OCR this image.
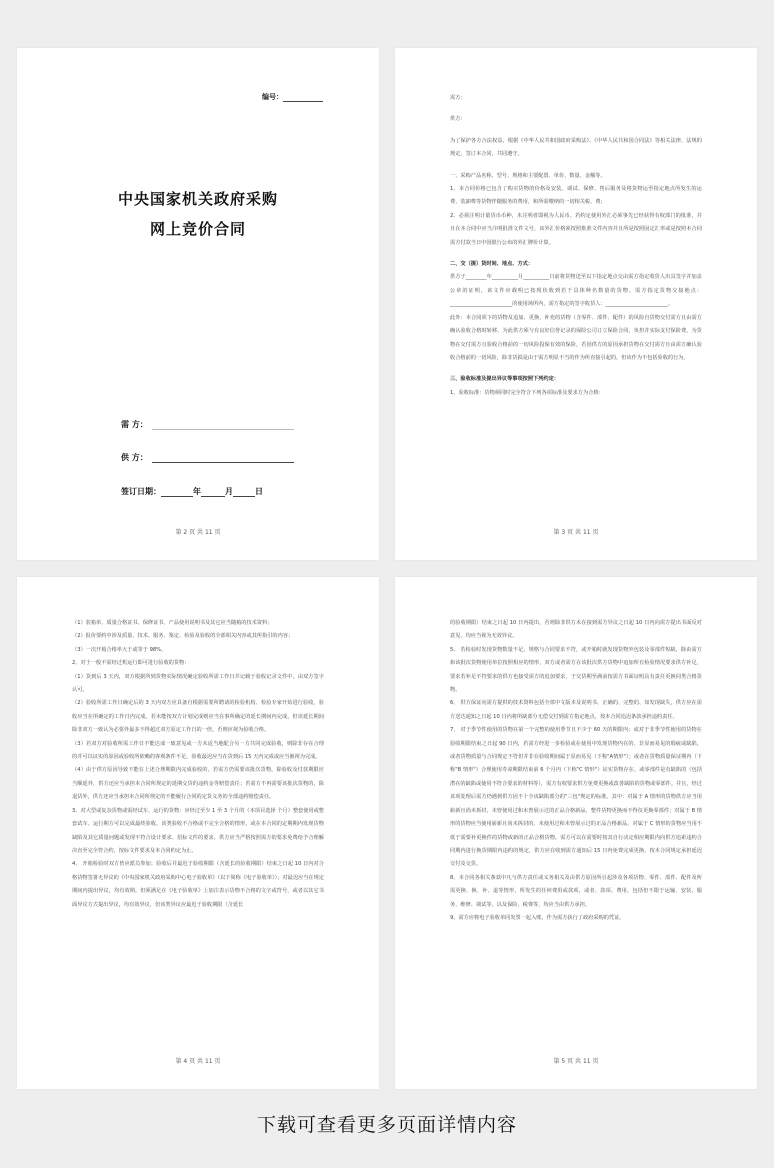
编号：
中央国家机关政府采购
网上竞价合同
需 方：
供 方：
签订日期：	年	月	日
第 2 页 共 11 页

需方：

供方：

为了保护各方合法权益，根据《中华人民共和国政府采购法》、《中华人民共和国合同法》等相关法律、法规的规定，签订本合同，共同遵守。

一、采购产品名称、型号、规格和主要配置、单价、数量、金额等。

1、本合同价格已包含了购买货物的价格及安装、调试、保修、售后服务及将货物运至指定地点所发生的运费、装卸费等货物伴随服务的费用，和所需缴纳的一切相关税、费；

2、必须注明计量货币币种，未注明者即视为人民币。若约定使用外汇必须事先已经获得有权部门的批准，并且在本合同中应当注明批准文件文号，该外汇价格须按照批准文件内容并且所是按照固定汇率或是按照本合同需方付款当日中国银行公布的外汇牌价计算。

二、交（提）货时间、地点、方式：

供方于________年__________月__________日前将货物送至以下指定地点交由需方指定收货人出具签字并加盖公章的证明，该文件应载明已按现状收到若干具体种名数量的货物。需方指定货物交接地点：________________________的使用场所内，需方指定的签字收货人：________________________。

此外：本合同项下的货物及追加、更换、补充的货物（含零件、部件、配件）的风险自货物交付需方且由需方确认验收合格时转移，为此供方须与有良好信誉记录的保险公司订立保险合同，负担并实际支付保险费。为货物在交付需方且验收合格前的一切风险投保有效的保险，若因供方的原因承担货物在交付需方且由需方确认验收合格前的一切风险，除非货损是由于需方明显不当的作为所直接引起的，但该作为不包括验收的行为。

三、验收标准及提出异议等事项按照下列约定：

1、验收标准：货物须同时完全符合下列各项标准及要求方为合格：

第 3 页 共 11 页

（1）装箱单、质量合格证书、保修证书、产品使用说明书及其它应当随箱的技术资料；

（2）报价要约中涉及质量、技术、服务、鉴定、检验及验收的全部相关内容或其所指引的内容；

（3）一次开箱合格率大于或等于 98%。

2、对于一般不需经过机运行即可进行验收的货物：

（1）货到后 3 天内，双方根据所到货物实际情况确定验收所需工作日并记载于验收记录文件中，由双方签字认可。

（2）验收所需工作日确定后的 3 天内双方应具备自根据需要所聘请的检验机构、检验专家开始进行验收，验收应当在所确定的工作日内完成。若未能按双方计划完成则应当在事所确定的延长期间内完成，但该延长期间除非双方一致认为必要外最多不得超过双方原定工作日的一倍，否则应视为验收合格。

（3）若双方对验收所需工作日不能达成一致意见或一方未适当地配合另一方共同完成验收，则除非存在合理的并可以证实的原因或验收所依赖的客观条件不足，验收最迟应当在货到后 15 天内完成或应当被视为完成。

（4）由于供方原因导致不能在上述合理期限内完成验收的，若需方仍需要该批次货物，除验收及付款期限应当顺延外，供方还应当承担本合同所规定的延期交货的违约金等赔偿责任；若需方不再需要该批次货物的，除退货外，供方还应当承担本合同所规定的不能履行合同的定货义务的全部违约赔偿责任。

3、对大型或复杂货物或需经试车、运行的货物：应经过至少 1 至 3 个月的（本项目选择 个月）整套使用或整套试车、运行期方可以完成最终验收。该类验收不合格或不完全合格的情形，或在本合同的定期期内发现货物缺陷及其它质量问题或发现不符合设计要求、招标文件的要求，供方应当严格按照需方的要求免费给予合理解决直至完全符合约，按标文件要求及本合同约定为止。

4、 开箱检验时双方皆应派员参加；验收后并最迟于验收期限（含延长的验收期限）结束之日起 10 日内对合格货物签署无异议的《中央国家机关政府采购中心电子验收单》（以下简称《电子验收单》）；对最迟应当在规定期间内提出异议，均有效期。但须满足在《电子验收单》上加注表示货物不合格的文字或符号，或者以其它书面异议方式提出异议，均有效异议，但该类异议应最迟于验收期限（含延长

第 4 页 共 11 页

的验收期限）结束之日起 10 日内提出，否则除非供方未在接到需方异议之日起 10 日内向需方提出书面反对意见，均应当视为无效异议。

5、 若检验时发现货物数量不足，规格与合同要求不符，或开箱时就发现货物外包装及零部件短缺，除由需方和该批次货物使用单位按照相应的情形，双方或者需方在该批次供方货物中追加所有检验情况要求供方补足，要求若补足不符要求的供方也接受需方的追加要求，于交货期至满前按需方书面证明具有责任更换同类合格货物。

6、 供方保证向需方提供的技术资料包括全部中文版本及说明书、正确的、完整的、如发现缺失，供方应在需方送达通知之日起 10 日内将所缺部分无偿交付到需方指定地点，按本合同追迟条款承担违约责任。

7、 对于季节性使用的货物在第一个完整的使用季节且不少于 60 天的期限内；或对于非季节性使用的货物在验收期限结束之日起 90 日内，若需方经进一步检验或在使用中发现货物内在的、非显而易见的瑕疵或缺陷，或者货物质量与合同规定不符但并非在验收期间属于显而易见（下称"A情形"）；或者在货物质量保证期内（下称"B 情形"）合理使用寿命期限结束前 6 个月内（下称"C 情形"）证实货物存在，或零部件是有缺陷的（包括潜在的缺陷或使用不符合要求的材料等），需方有权要求供方免费更换或改善缺陷的货物或零部件。并且，经过该项处理后需方仍遇到供方因不十全该缺陷部分的"三包"规定的标准。其中：对属于 A 情形的货物供方应当用崭新且尚未拆封、未曾使用过和未曾展示过的正品合格新品，整件货物更换而不得仅更换零部件；对属于 B 情形的货物应当使用崭新且尚未拆封的、未使用过和未曾展示过的正品合格新品，对属于 C 情形的货物应当用不低于需要补更换件的货物或新的正品合格货物。需方可以在需要时按其自行决定相应期限内向供方追索违约合同期内进行换货期限内违约的规定，供方应在收到需方通知后 15 日内免费完成更换，按本合同规定承担延迟交付及交货。

8、本合同各相关条款中凡与供方责任或义务相关及由供方原因所引起涉及各项货物、零件、部件、配件及所需更换、换、补、退等情形，所发生的任何费用或款项，或者、款项、费用，包括但不限于运输、安装、服务、维修、调试等，以及保险、税费等，均应当由供方承担。

9、需方应将电子验收单同发票一起入账，作为需方执行了政府采购的凭证。

第 5 页 共 11 页
下载可查看更多页面详情内容
